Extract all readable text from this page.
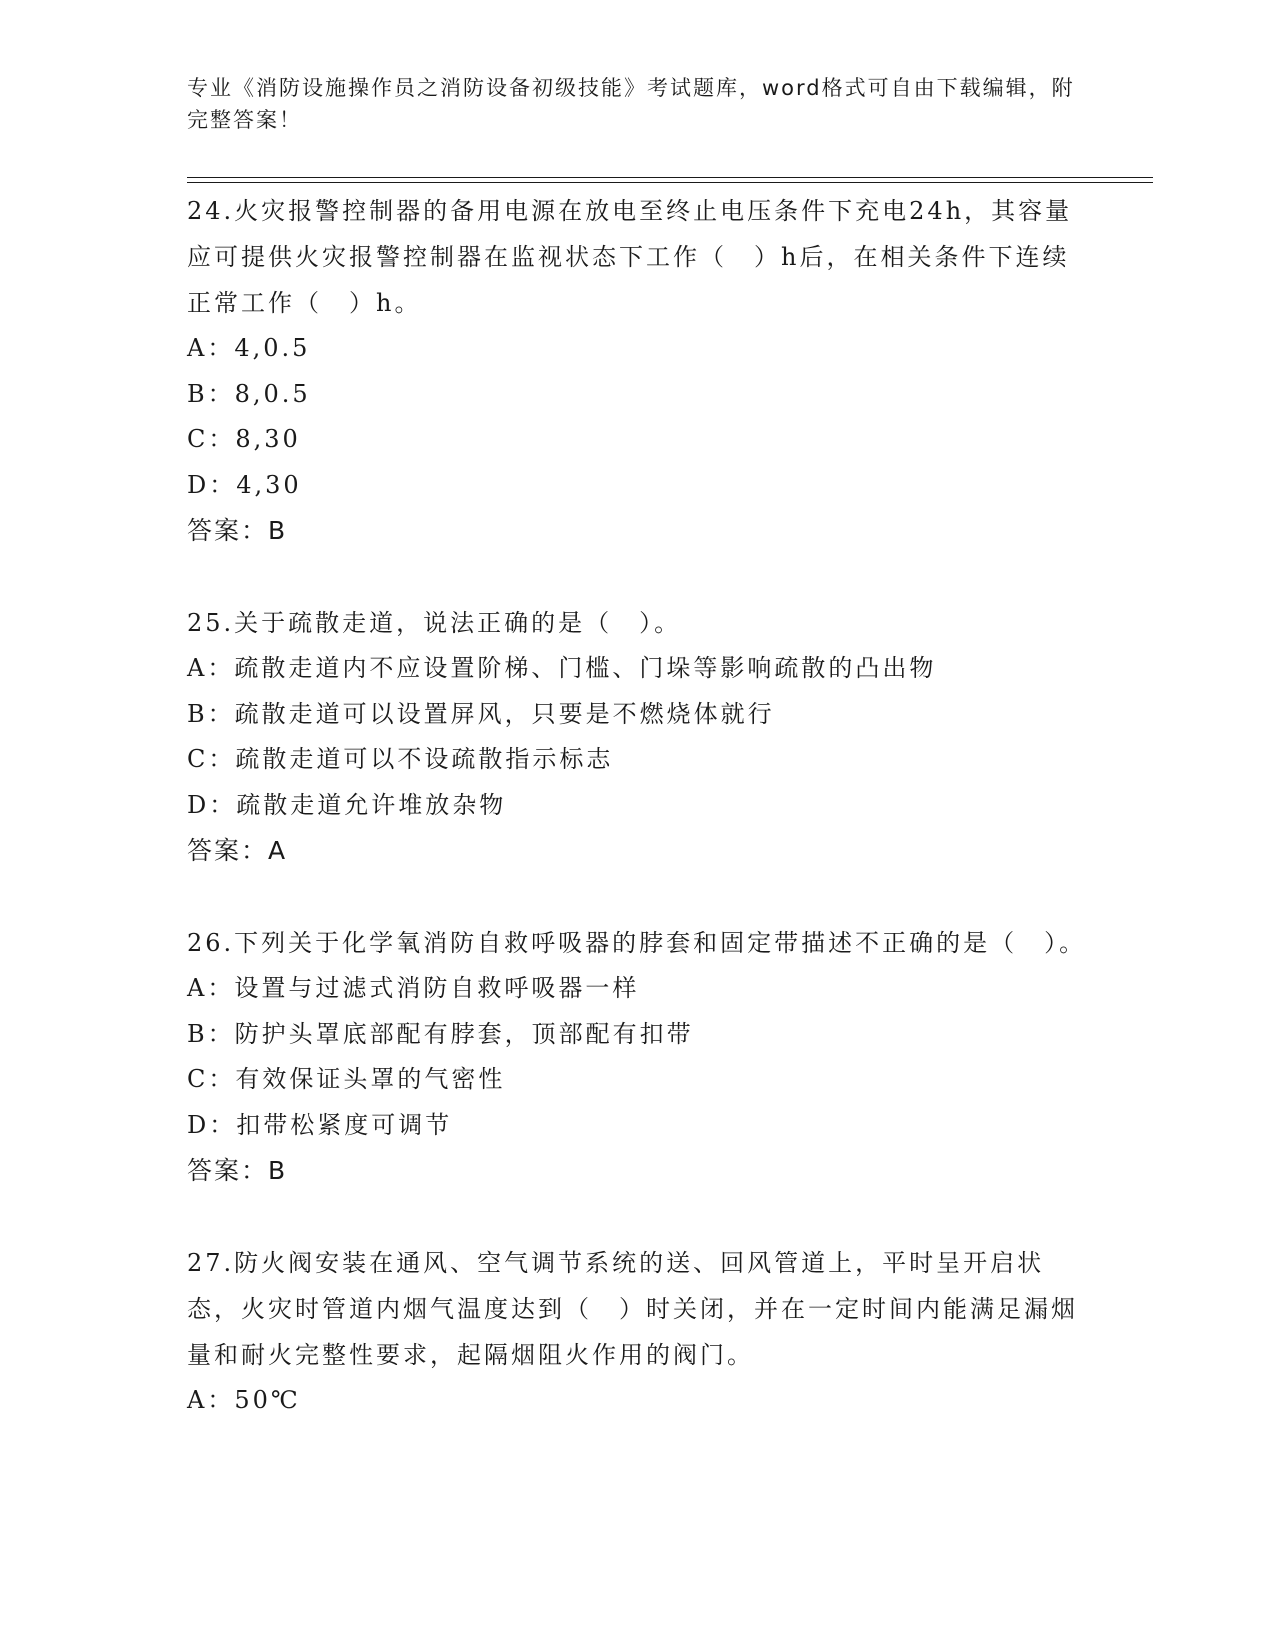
专业《消防设施操作员之消防设备初级技能》考试题库，word格式可自由下载编辑，附完整答案！
24.火灾报警控制器的备用电源在放电至终止电压条件下充电24h，其容量应可提供火灾报警控制器在监视状态下工作（　）h后，在相关条件下连续正常工作（　）h。
A：4,0.5
B：8,0.5
C：8,30
D：4,30
答案：B
25.关于疏散走道，说法正确的是（　）。
A：疏散走道内不应设置阶梯、门槛、门垛等影响疏散的凸出物
B：疏散走道可以设置屏风，只要是不燃烧体就行
C：疏散走道可以不设疏散指示标志
D：疏散走道允许堆放杂物
答案：A
26.下列关于化学氧消防自救呼吸器的脖套和固定带描述不正确的是（　）。
A：设置与过滤式消防自救呼吸器一样
B：防护头罩底部配有脖套，顶部配有扣带
C：有效保证头罩的气密性
D：扣带松紧度可调节
答案：B
27.防火阀安装在通风、空气调节系统的送、回风管道上，平时呈开启状态，火灾时管道内烟气温度达到（　）时关闭，并在一定时间内能满足漏烟量和耐火完整性要求，起隔烟阻火作用的阀门。
A：50℃
